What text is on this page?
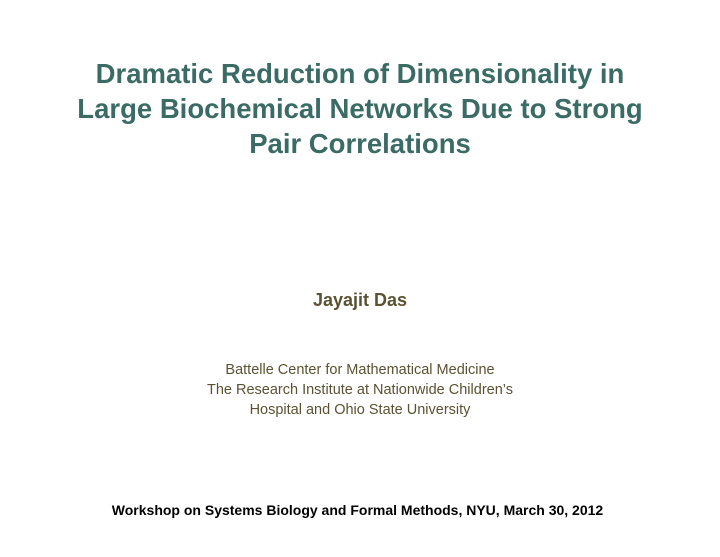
Dramatic Reduction of Dimensionality in
Large Biochemical Networks Due to Strong
Pair Correlations
Jayajit Das
Battelle Center for Mathematical Medicine
The Research Institute at Nationwide Children’s
Hospital and Ohio State University
Workshop on Systems Biology and Formal Methods, NYU, March 30, 2012
